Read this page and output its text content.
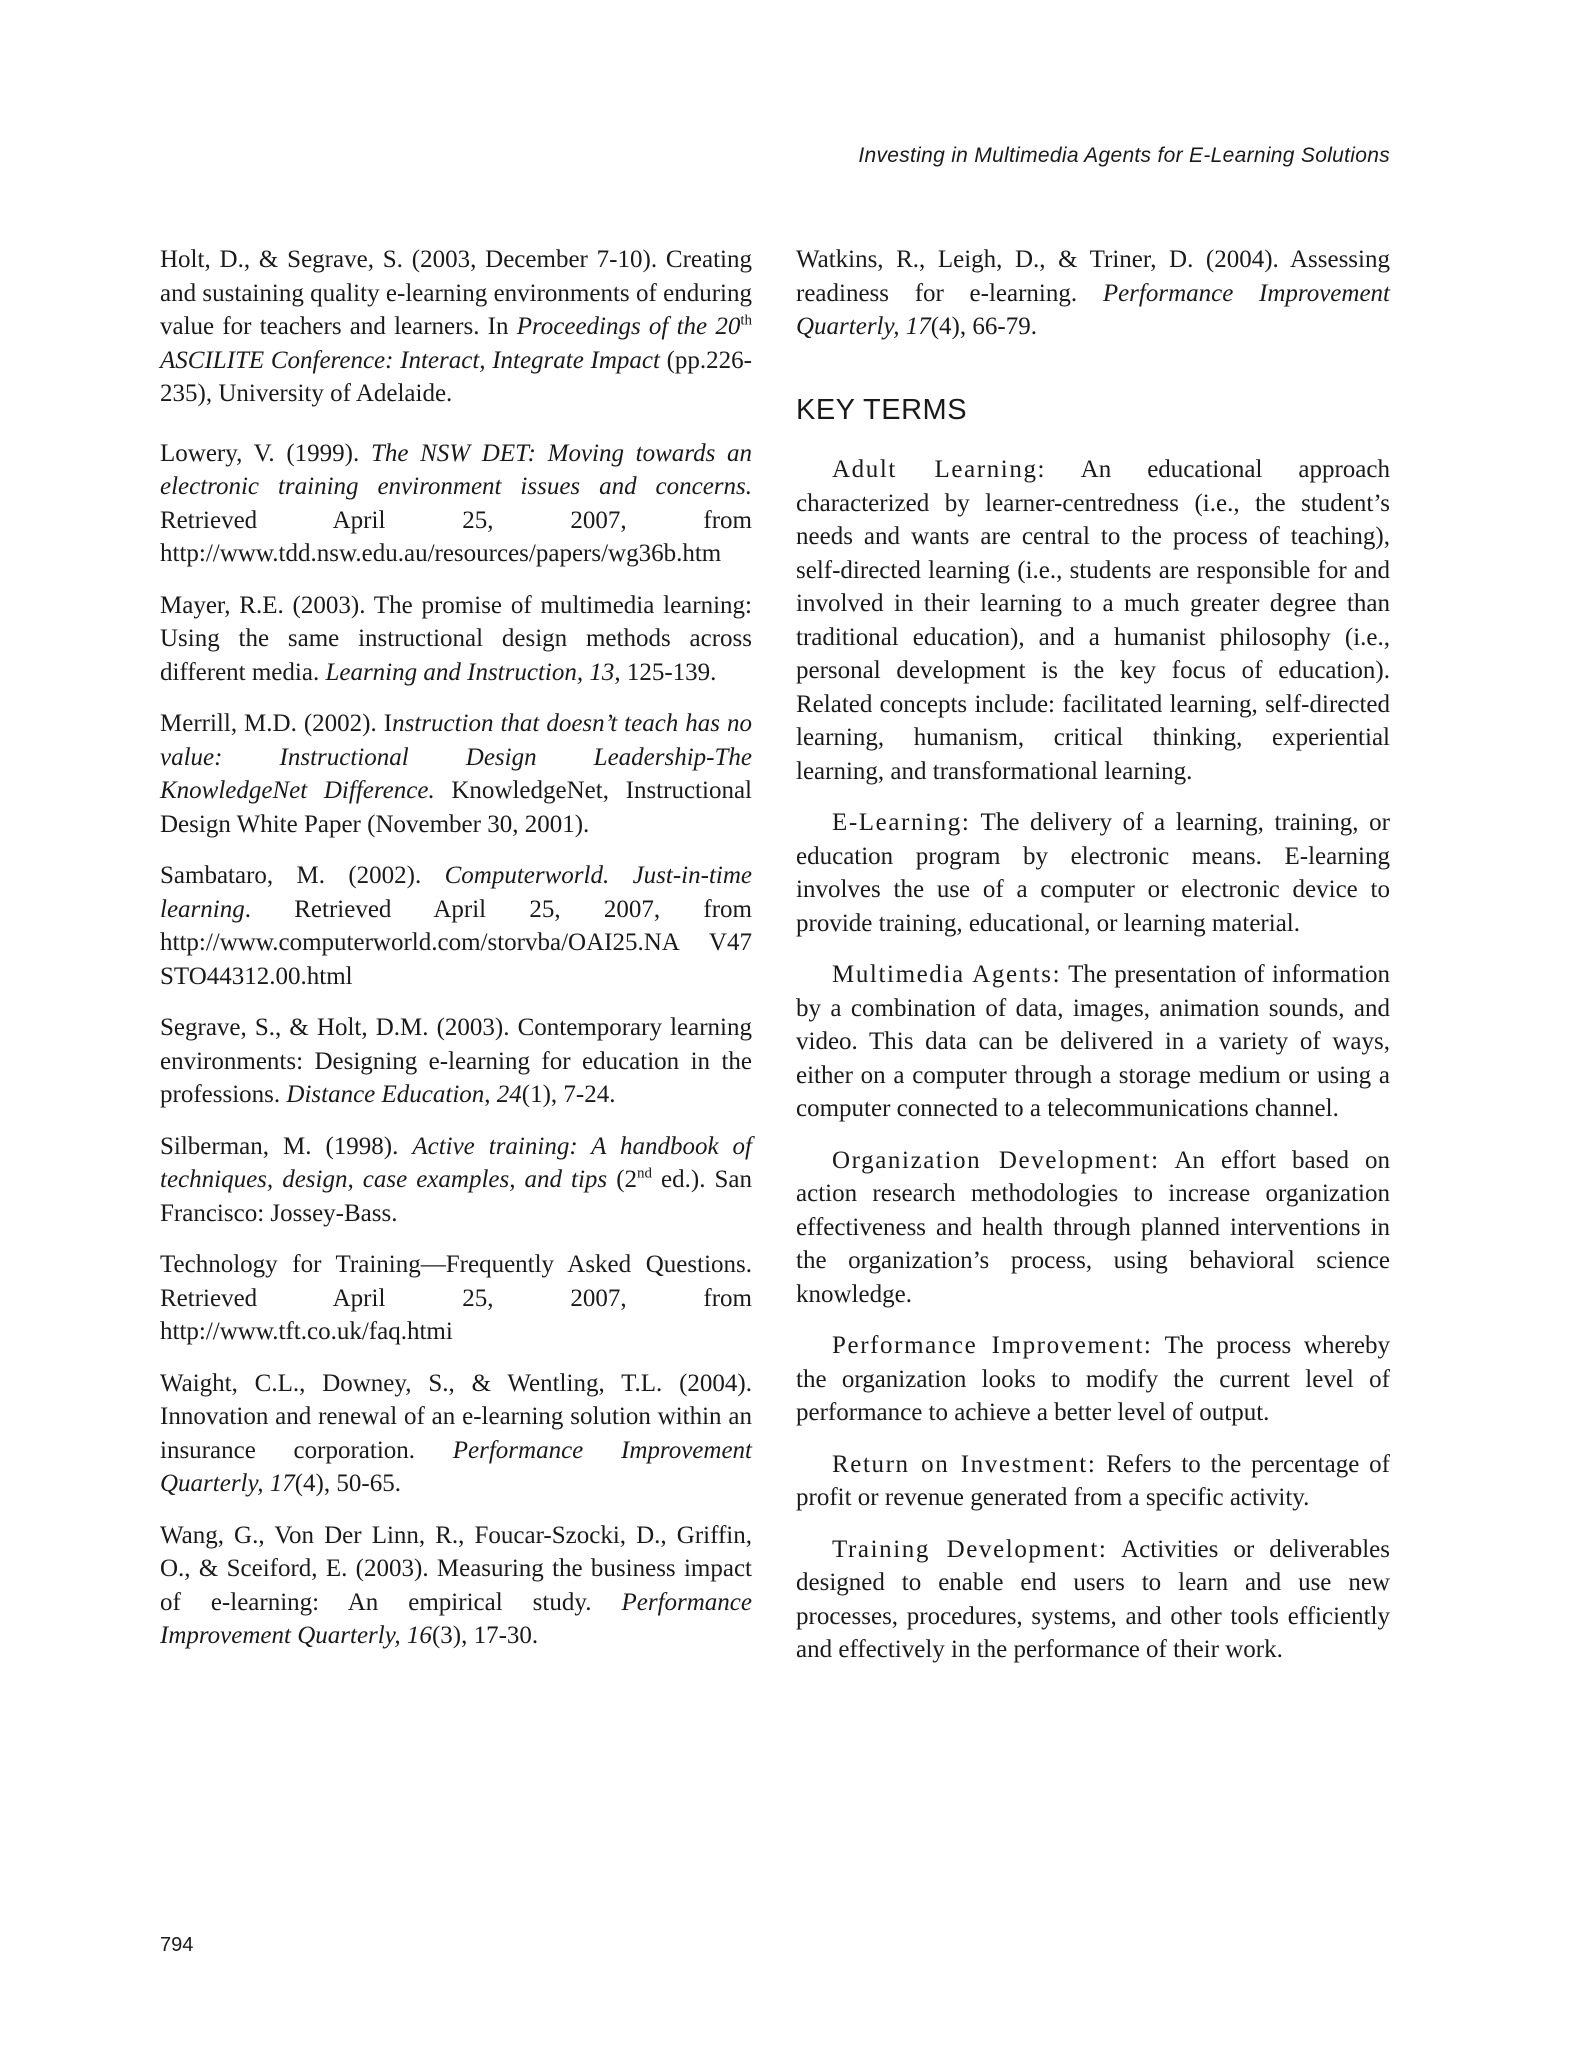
Investing in Multimedia Agents for E-Learning Solutions

Holt, D., & Segrave, S. (2003, December 7-10). Creating and sustaining quality e-learning environments of enduring value for teachers and learners. In Proceedings of the 20th ASCILITE Conference: Interact, Integrate Impact (pp.226-235), University of Adelaide.

Lowery, V. (1999). The NSW DET: Moving towards an electronic training environment issues and concerns. Retrieved April 25, 2007, from http://www.tdd.nsw.edu.au/resources/papers/wg36b.htm

Mayer, R.E. (2003). The promise of multimedia learning: Using the same instructional design methods across different media. Learning and Instruction, 13, 125-139.

Merrill, M.D. (2002). Instruction that doesn’t teach has no value: Instructional Design Leadership-The KnowledgeNet Difference. KnowledgeNet, Instructional Design White Paper (November 30, 2001).

Sambataro, M. (2002). Computerworld. Just-in-time learning. Retrieved April 25, 2007, from http://www.computerworld.com/storvba/OAI25.NA V47 STO44312.00.html

Segrave, S., & Holt, D.M. (2003). Contemporary learning environments: Designing e-learning for education in the professions. Distance Education, 24(1), 7-24.

Silberman, M. (1998). Active training: A handbook of techniques, design, case examples, and tips (2nd ed.). San Francisco: Jossey-Bass.

Technology for Training—Frequently Asked Questions. Retrieved April 25, 2007, from http://www.tft.co.uk/faq.htmi

Waight, C.L., Downey, S., & Wentling, T.L. (2004). Innovation and renewal of an e-learning solution within an insurance corporation. Performance Improvement Quarterly, 17(4), 50-65.

Wang, G., Von Der Linn, R., Foucar-Szocki, D., Griffin, O., & Sceiford, E. (2003). Measuring the business impact of e-learning: An empirical study. Performance Improvement Quarterly, 16(3), 17-30.

Watkins, R., Leigh, D., & Triner, D. (2004). Assessing readiness for e-learning. Performance Improvement Quarterly, 17(4), 66-79.

KEY TERMS

Adult Learning: An educational approach characterized by learner-centredness (i.e., the student’s needs and wants are central to the process of teaching), self-directed learning (i.e., students are responsible for and involved in their learning to a much greater degree than traditional education), and a humanist philosophy (i.e., personal development is the key focus of education). Related concepts include: facilitated learning, self-directed learning, humanism, critical thinking, experiential learning, and transformational learning.

E-Learning: The delivery of a learning, training, or education program by electronic means. E-learning involves the use of a computer or electronic device to provide training, educational, or learning material.

Multimedia Agents: The presentation of information by a combination of data, images, animation sounds, and video. This data can be delivered in a variety of ways, either on a computer through a storage medium or using a computer connected to a telecommunications channel.

Organization Development: An effort based on action research methodologies to increase organization effectiveness and health through planned interventions in the organization’s process, using behavioral science knowledge.

Performance Improvement: The process whereby the organization looks to modify the current level of performance to achieve a better level of output.

Return on Investment: Refers to the percentage of profit or revenue generated from a specific activity.

Training Development: Activities or deliverables designed to enable end users to learn and use new processes, procedures, systems, and other tools efficiently and effectively in the performance of their work.

794
